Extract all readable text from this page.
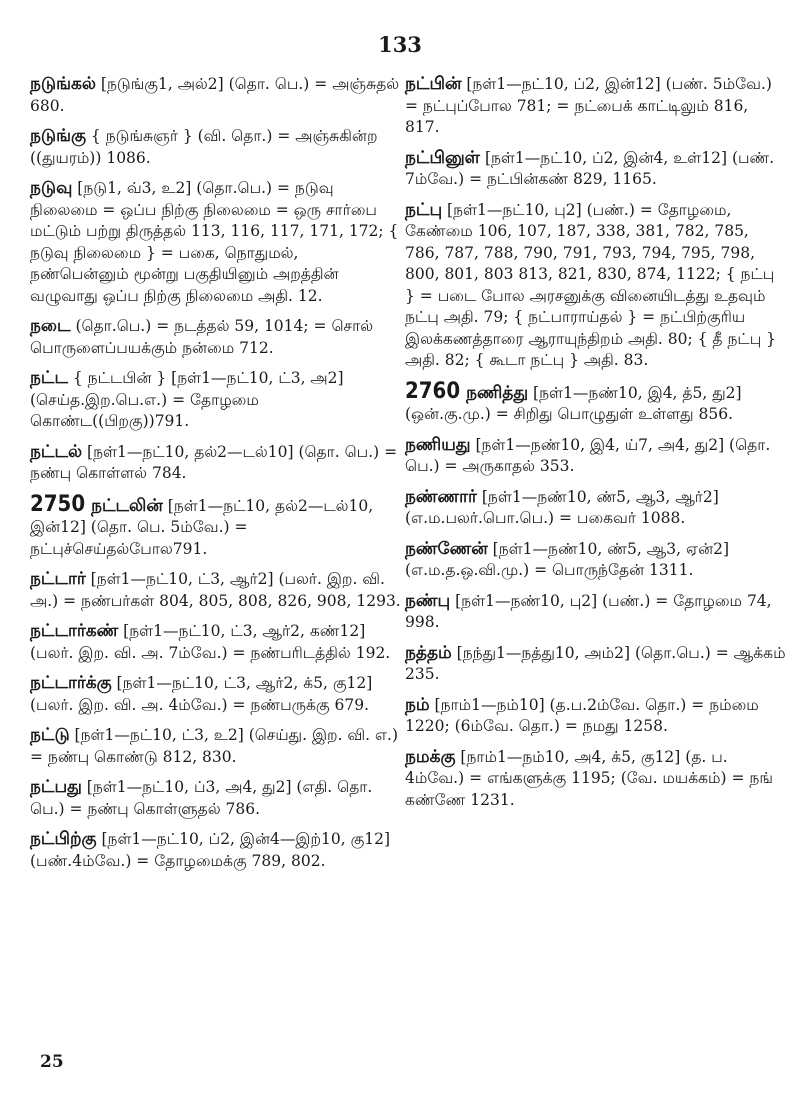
133
நடுங்கல் [நடுங்கு1, அல்2] (தொ. பெ.) = அஞ்சுதல் 680.
நடுங்கு { நடுங்சுஞர் } (வி. தொ.) = அஞ்சுகின்ற ((துயரம்)) 1086.
நடுவு [நடு1, வ்3, உ2] (தொ.பெ.) = நடுவு நிலைமை = ஒப்ப நிற்கு நிலைமை = ஒரு சார்பை மட்டும் பற்று திருத்தல் 113, 116, 117, 171, 172; { நடுவு நிலைமை } = பகை, நொதுமல், நண்பென்னும் மூன்று பகுதியினும் அறத்தின் வழுவாது ஒப்ப நிற்கு நிலைமை அதி. 12.
நடை (தொ.பெ.) = நடத்தல் 59, 1014; = சொல் பொருளைப்பயக்கும் நன்மை 712.
நட்ட { நட்டபின் } [நள்1—நட்10, ட்3, அ2] (செய்த.இற.பெ.எ.) = தோழமை கொண்ட((பிறகு))791.
நட்டல் [நள்1—நட்10, தல்2—டல்10] (தொ. பெ.) = நண்பு கொள்ளல் 784.
2750 நட்டலின் [நள்1—நட்10, தல்2—டல்10, இன்12] (தொ. பெ. 5ம்வே.) = நட்புச்செய்தல்போல791.
நட்டார் [நள்1—நட்10, ட்3, ஆர்2] (பலர். இற. வி. அ.) = நண்பர்கள் 804, 805, 808, 826, 908, 1293.
நட்டார்கண் [நள்1—நட்10, ட்3, ஆர்2, கண்12] (பலர். இற. வி. அ. 7ம்வே.) = நண்பரிடத்தில் 192.
நட்டார்க்கு [நள்1—நட்10, ட்3, ஆர்2, க்5, கு12] (பலர். இற. வி. அ. 4ம்வே.) = நண்பருக்கு 679.
நட்டு [நள்1—நட்10, ட்3, உ2] (செய்து. இற. வி. எ.) = நண்பு கொண்டு 812, 830.
நட்பது [நள்1—நட்10, ப்3, அ4, து2] (எதி. தொ. பெ.) = நண்பு கொள்ளுதல் 786.
நட்பிற்கு [நள்1—நட்10, ப்2, இன்4—இற்10, கு12] (பண்.4ம்வே.) = தோழமைக்கு 789, 802.
நட்பின் [நள்1—நட்10, ப்2, இன்12] (பண். 5ம்வே.) = நட்புப்போல 781; = நட்பைக் காட்டிலும் 816, 817.
நட்பினுள் [நள்1—நட்10, ப்2, இன்4, உள்12] (பண். 7ம்வே.) = நட்பின்கண் 829, 1165.
நட்பு [நள்1—நட்10, பு2] (பண்.) = தோழமை, கேண்மை 106, 107, 187, 338, 381, 782, 785, 786, 787, 788, 790, 791, 793, 794, 795, 798, 800, 801, 803 813, 821, 830, 874, 1122; { நட்பு } = படை போல அரசனுக்கு வினையிடத்து உதவும் நட்பு அதி. 79; { நட்பாராய்தல் } = நட்பிற்குரிய இலக்கணத்தாரை ஆராயுந்திறம் அதி. 80; { தீ நட்பு } அதி. 82; { கூடா நட்பு } அதி. 83.
2760 நணித்து [நள்1—நண்10, இ4, த்5, து2] (ஒன்.கு.மு.) = சிறிது பொழுதுள் உள்ளது 856.
நணியது [நள்1—நண்10, இ4, ய்7, அ4, து2] (தொ. பெ.) = அருகாதல் 353.
நண்ணார் [நள்1—நண்10, ண்5, ஆ3, ஆர்2] (எ.ம.பலர்.பொ.பெ.) = பகைவர் 1088.
நண்ணேன் [நள்1—நண்10, ண்5, ஆ3, ஏன்2] (எ.ம.த.ஒ.வி.மு.) = பொருந்தேன் 1311.
நண்பு [நள்1—நண்10, பு2] (பண்.) = தோழமை 74, 998.
நத்தம் [நந்து1—நத்து10, அம்2] (தொ.பெ.) = ஆக்கம் 235.
நம் [நாம்1—நம்10] (த.ப.2ம்வே. தொ.) = நம்மை 1220; (6ம்வே. தொ.) = நமது 1258.
நமக்கு [நாம்1—நம்10, அ4, க்5, கு12] (த. ப. 4ம்வே.) = எங்களுக்கு 1195; (வே. மயக்கம்) = நங் கண்ணே 1231.
25
